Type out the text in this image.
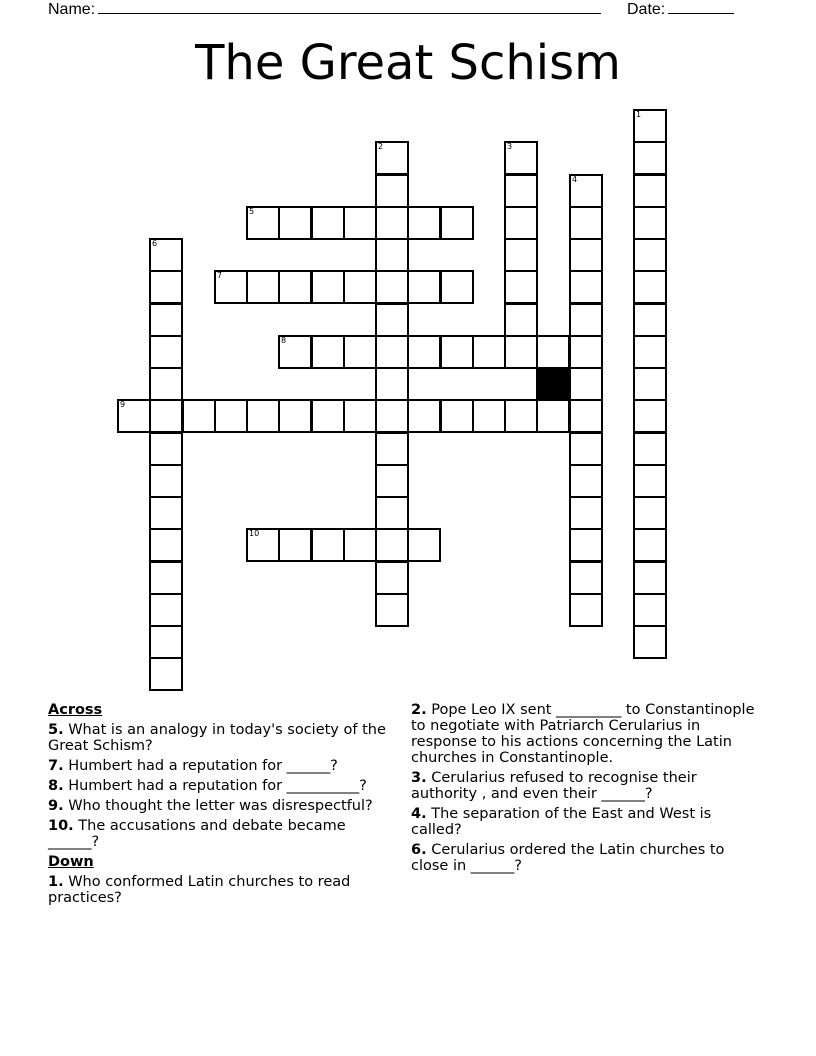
Name:	Date:
The Great Schism
1
2	3
4
5
6
7
8
9
10
Across
5. What is an analogy in today's society of the Great Schism?
7. Humbert had a reputation for ______?
8. Humbert had a reputation for __________?
9. Who thought the letter was disrespectful?
10. The accusations and debate became ______?
Down
1. Who conformed Latin churches to read practices?
2. Pope Leo IX sent _________ to Constantinople to negotiate with Patriarch Cerularius in response to his actions concerning the Latin churches in Constantinople.
3. Cerularius refused to recognise their authority , and even their ______?
4. The separation of the East and West is called?
6. Cerularius ordered the Latin churches to close in ______?
